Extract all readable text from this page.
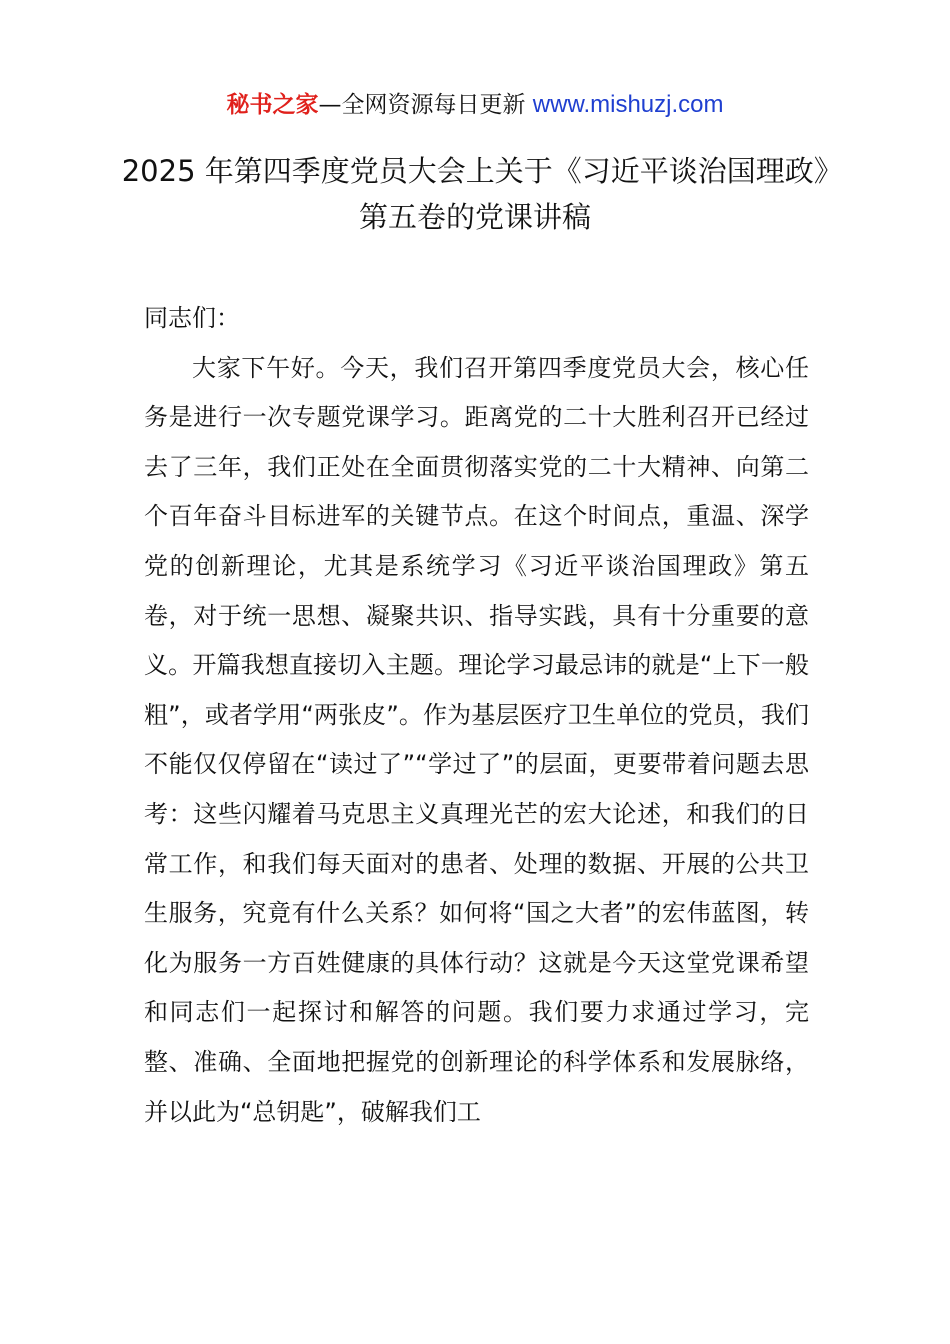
秘书之家—全网资源每日更新 www.mishuzj.com
2025 年第四季度党员大会上关于《习近平谈治国理政》第五卷的党课讲稿

同志们：

大家下午好。今天，我们召开第四季度党员大会，核心任务是进行一次专题党课学习。距离党的二十大胜利召开已经过去了三年，我们正处在全面贯彻落实党的二十大精神、向第二个百年奋斗目标进军的关键节点。在这个时间点，重温、深学党的创新理论，尤其是系统学习《习近平谈治国理政》第五卷，对于统一思想、凝聚共识、指导实践，具有十分重要的意义。开篇我想直接切入主题。理论学习最忌讳的就是“上下一般粗”，或者学用“两张皮”。作为基层医疗卫生单位的党员，我们不能仅仅停留在“读过了”“学过了”的层面，更要带着问题去思考：这些闪耀着马克思主义真理光芒的宏大论述，和我们的日常工作，和我们每天面对的患者、处理的数据、开展的公共卫生服务，究竟有什么关系？如何将“国之大者”的宏伟蓝图，转化为服务一方百姓健康的具体行动？这就是今天这堂党课希望和同志们一起探讨和解答的问题。我们要力求通过学习，完整、准确、全面地把握党的创新理论的科学体系和发展脉络，并以此为“总钥匙”，破解我们工
